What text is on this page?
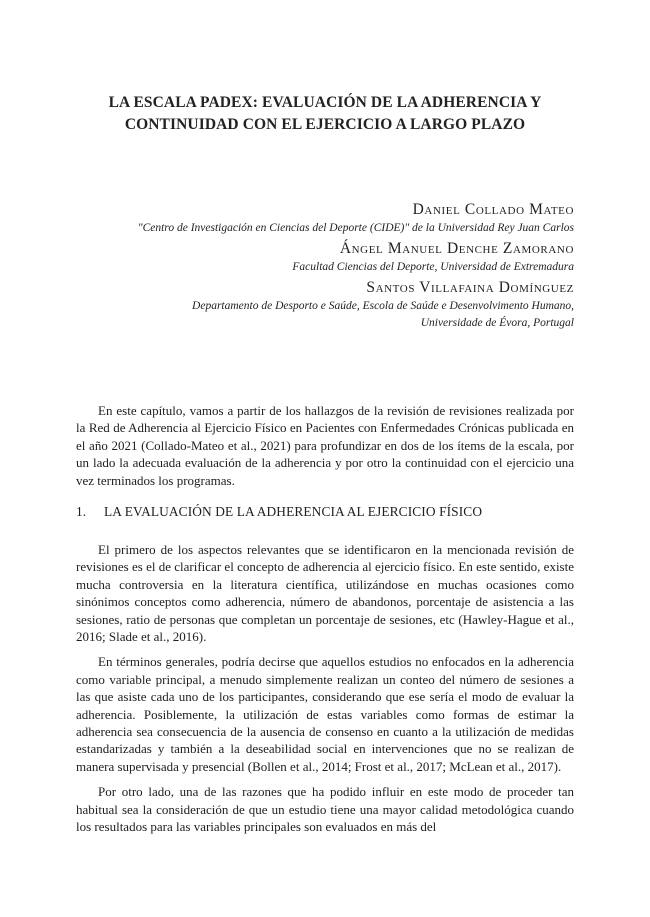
LA ESCALA PADEX: EVALUACIÓN DE LA ADHERENCIA Y
CONTINUIDAD CON EL EJERCICIO A LARGO PLAZO
Daniel Collado Mateo
"Centro de Investigación en Ciencias del Deporte (CIDE)" de la Universidad Rey Juan Carlos
Ángel Manuel Denche Zamorano
Facultad Ciencias del Deporte, Universidad de Extremadura
Santos Villafaina Domínguez
Departamento de Desporto e Saúde, Escola de Saúde e Desenvolvimento Humano,
Universidade de Évora, Portugal

En este capítulo, vamos a partir de los hallazgos de la revisión de revisiones realizada por la Red de Adherencia al Ejercicio Físico en Pacientes con Enfermedades Crónicas publicada en el año 2021 (Collado-Mateo et al., 2021) para profundizar en dos de los ítems de la escala, por un lado la adecuada evaluación de la adherencia y por otro la continuidad con el ejercicio una vez terminados los programas.

1. LA EVALUACIÓN DE LA ADHERENCIA AL EJERCICIO FÍSICO

El primero de los aspectos relevantes que se identificaron en la mencionada revisión de revisiones es el de clarificar el concepto de adherencia al ejercicio físico. En este sentido, existe mucha controversia en la literatura científica, utilizándose en muchas ocasiones como sinónimos conceptos como adherencia, número de abandonos, porcentaje de asistencia a las sesiones, ratio de personas que completan un porcentaje de sesiones, etc (Hawley-Hague et al., 2016; Slade et al., 2016).

En términos generales, podría decirse que aquellos estudios no enfocados en la adherencia como variable principal, a menudo simplemente realizan un conteo del número de sesiones a las que asiste cada uno de los participantes, considerando que ese sería el modo de evaluar la adherencia. Posiblemente, la utilización de estas variables como formas de estimar la adherencia sea consecuencia de la ausencia de consenso en cuanto a la utilización de medidas estandarizadas y también a la deseabilidad social en intervenciones que no se realizan de manera supervisada y presencial (Bollen et al., 2014; Frost et al., 2017; McLean et al., 2017).

Por otro lado, una de las razones que ha podido influir en este modo de proceder tan habitual sea la consideración de que un estudio tiene una mayor calidad metodológica cuando los resultados para las variables principales son evaluados en más del
